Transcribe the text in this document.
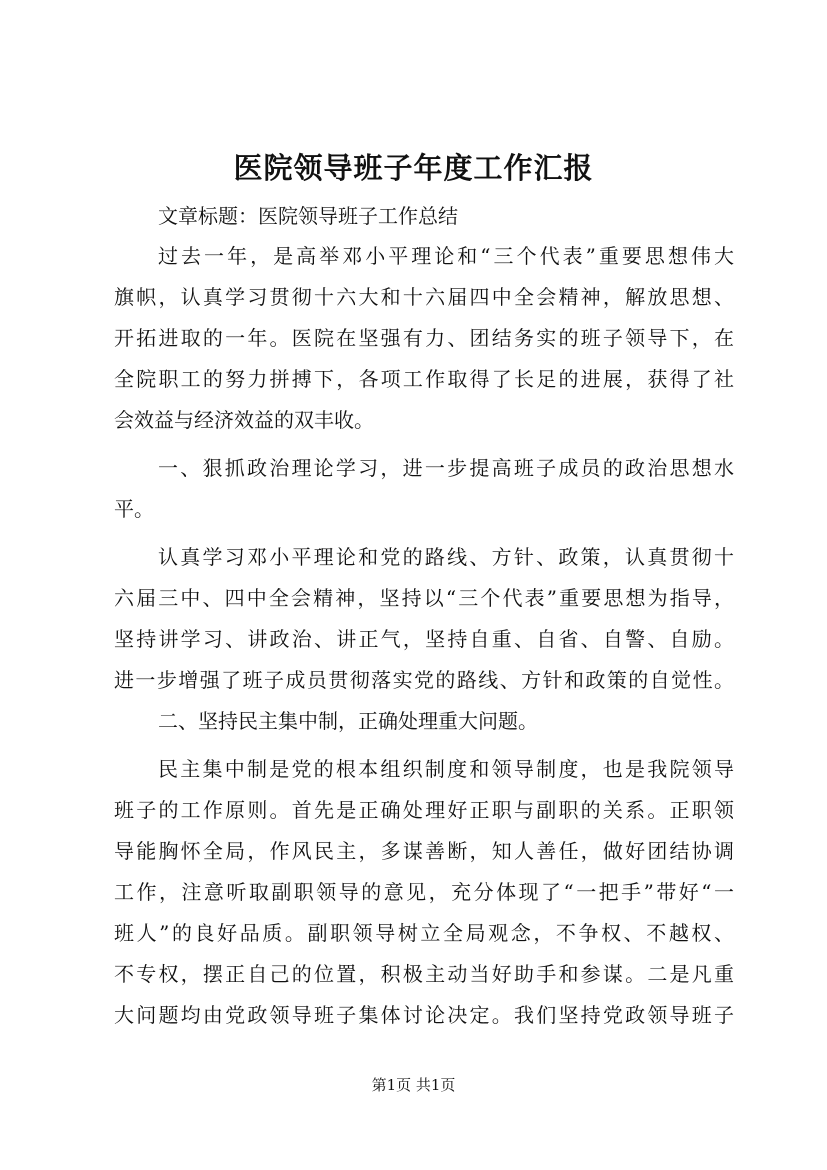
医院领导班子年度工作汇报
文章标题：医院领导班子工作总结
过去一年，是高举邓小平理论和“三个代表”重要思想伟大
旗帜，认真学习贯彻十六大和十六届四中全会精神，解放思想、
开拓进取的一年。医院在坚强有力、团结务实的班子领导下，在
全院职工的努力拼搏下，各项工作取得了长足的进展，获得了社
会效益与经济效益的双丰收。
一、狠抓政治理论学习，进一步提高班子成员的政治思想水
平。
认真学习邓小平理论和党的路线、方针、政策，认真贯彻十
六届三中、四中全会精神，坚持以“三个代表”重要思想为指导，
坚持讲学习、讲政治、讲正气，坚持自重、自省、自警、自励。
进一步增强了班子成员贯彻落实党的路线、方针和政策的自觉性。
二、坚持民主集中制，正确处理重大问题。
民主集中制是党的根本组织制度和领导制度，也是我院领导
班子的工作原则。首先是正确处理好正职与副职的关系。正职领
导能胸怀全局，作风民主，多谋善断，知人善任，做好团结协调
工作，注意听取副职领导的意见，充分体现了“一把手”带好“一
班人”的良好品质。副职领导树立全局观念，不争权、不越权、
不专权，摆正自己的位置，积极主动当好助手和参谋。二是凡重
大问题均由党政领导班子集体讨论决定。我们坚持党政领导班子
第1页 共1页
